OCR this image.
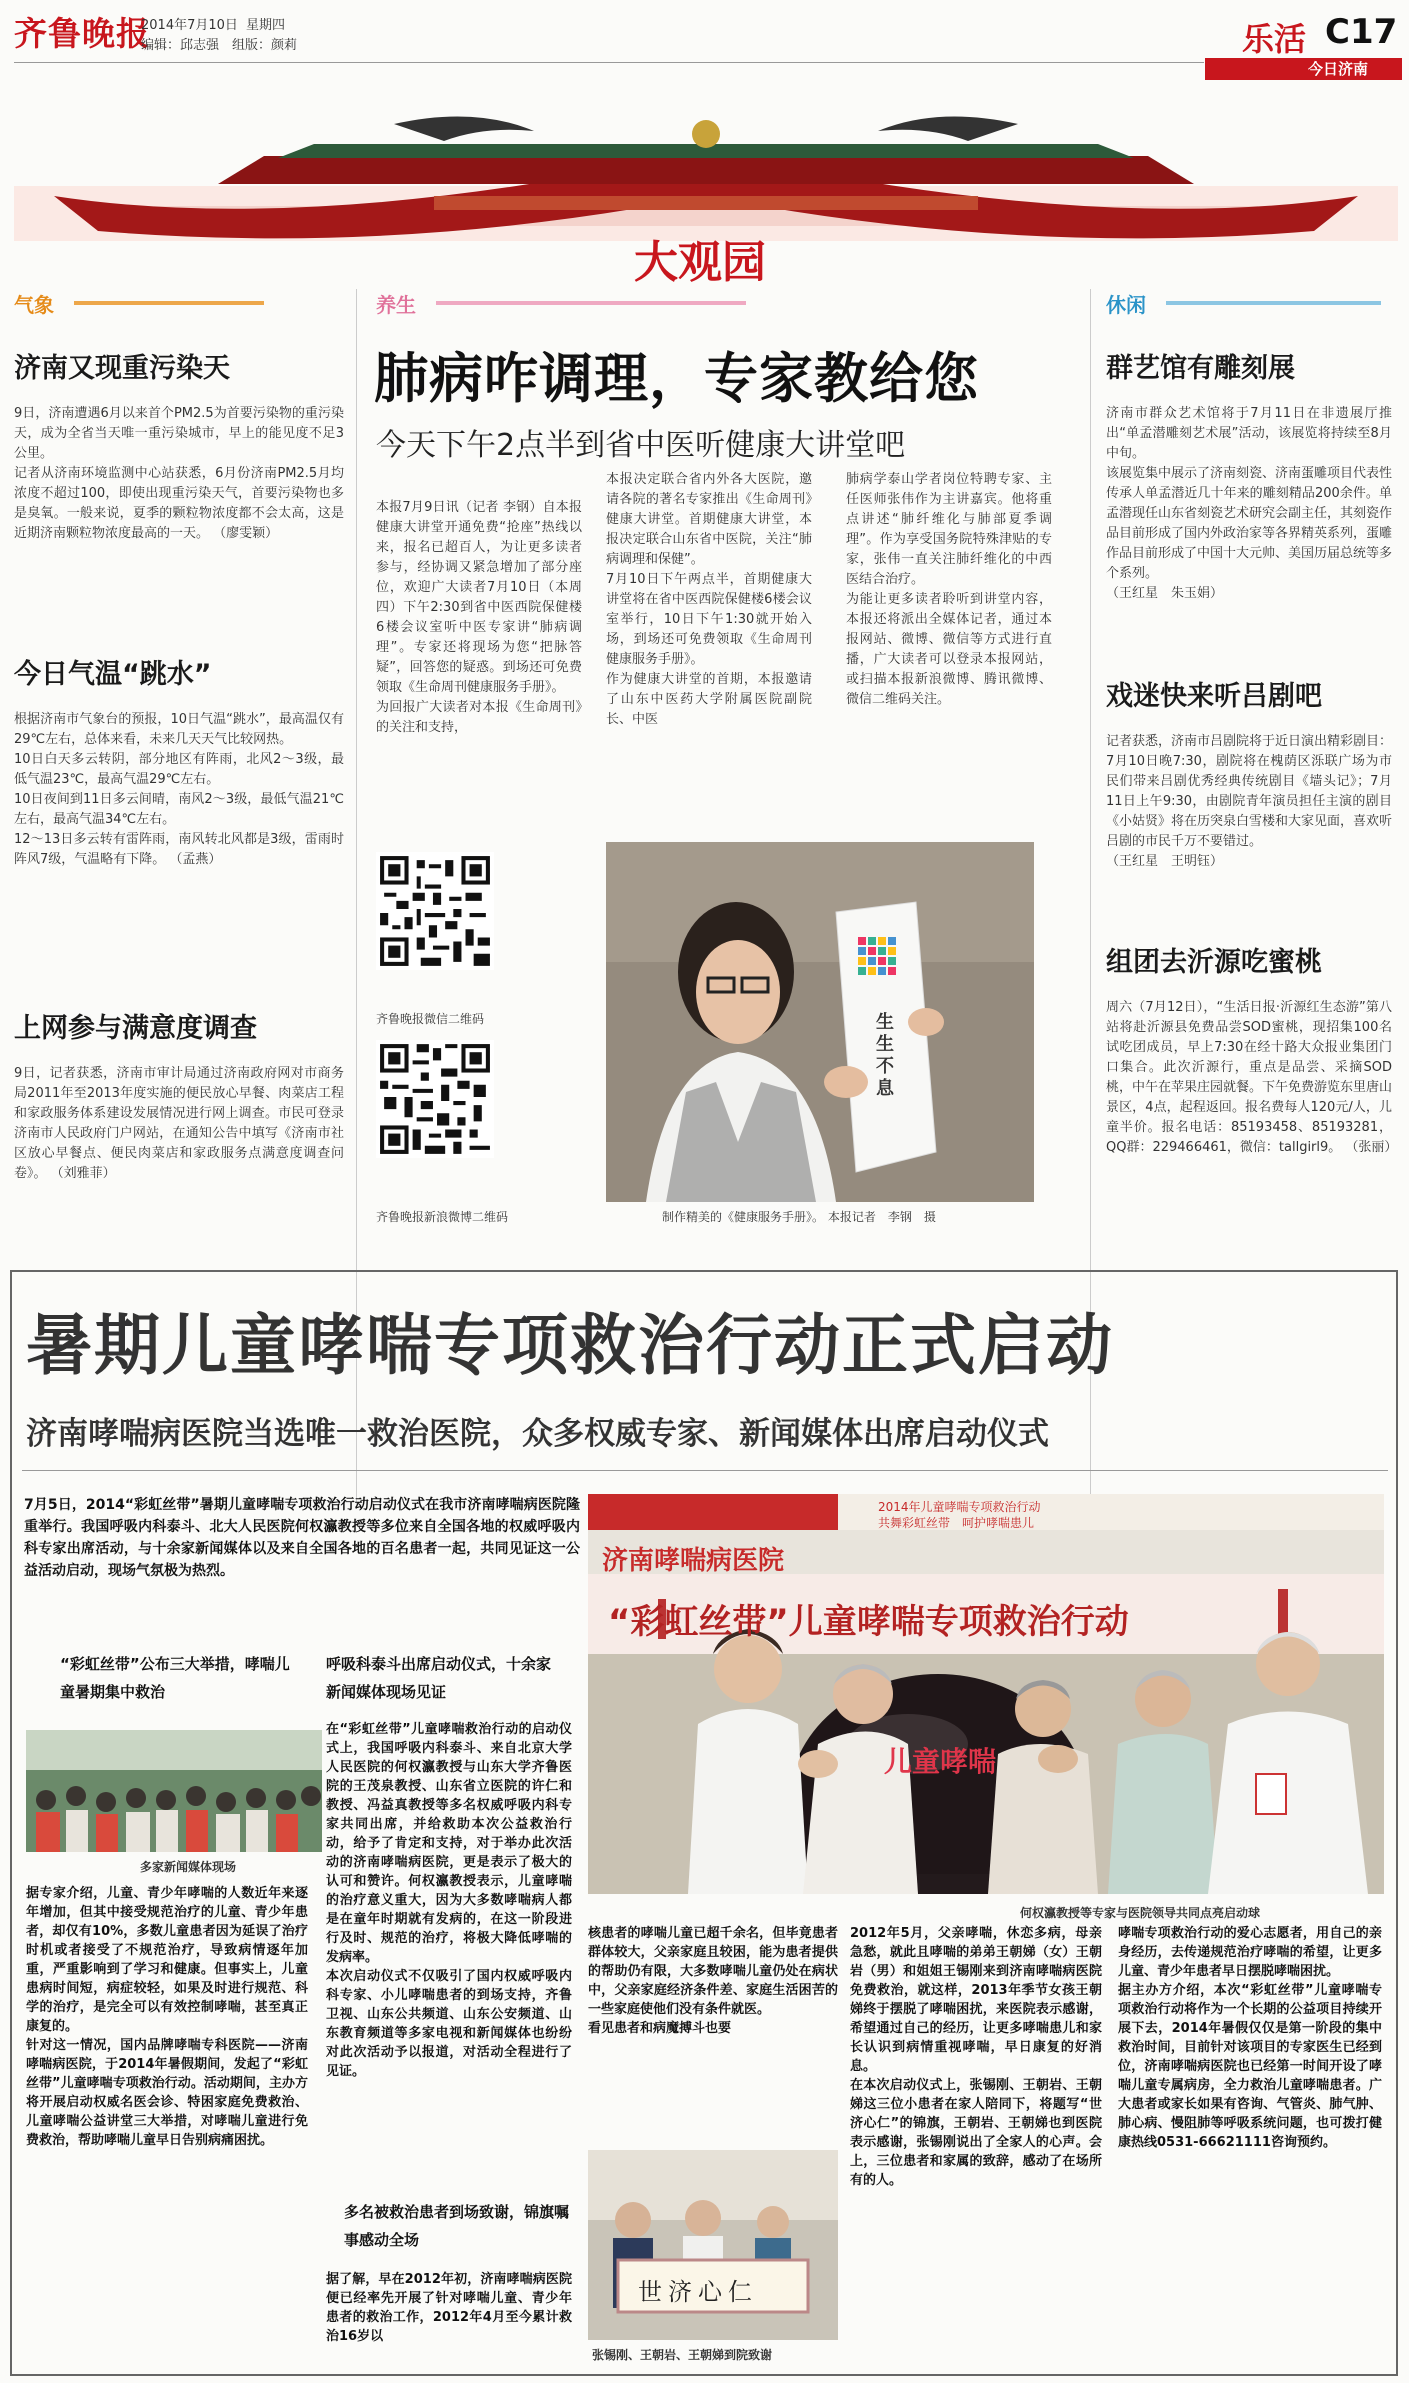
齐鲁晚报
2014年7月10日 星期四
编辑：邱志强 组版：颜莉	乐活 C17
今日济南
大观园
气象	养生	休闲
济南又现重污染天
9日，济南遭遇6月以来首个PM2.5为首要污染物的重污染天，成为全省当天唯一重污染城市，早上的能见度不足3公里。
记者从济南环境监测中心站获悉，6月份济南PM2.5月均浓度不超过100，即使出现重污染天气，首要污染物也多是臭氧。一般来说，夏季的颗粒物浓度都不会太高，这是近期济南颗粒物浓度最高的一天。 （廖雯颖）
今日气温“跳水”
根据济南市气象台的预报，10日气温“跳水”，最高温仅有29℃左右，总体来看，未来几天天气比较网热。
10日白天多云转阴，部分地区有阵雨，北风2～3级，最低气温23℃，最高气温29℃左右。
10日夜间到11日多云间晴，南风2～3级，最低气温21℃左右，最高气温34℃左右。
12～13日多云转有雷阵雨，南风转北风都是3级，雷雨时阵风7级，气温略有下降。 （孟燕）
上网参与满意度调查
9日，记者获悉，济南市审计局通过济南政府网对市商务局2011年至2013年度实施的便民放心早餐、肉菜店工程和家政服务体系建设发展情况进行网上调查。市民可登录济南市人民政府门户网站，在通知公告中填写《济南市社区放心早餐点、便民肉菜店和家政服务点满意度调查问卷》。 （刘雅菲）
肺病咋调理，专家教给您
今天下午2点半到省中医听健康大讲堂吧
本报7月9日讯（记者 李钢）自本报健康大讲堂开通免费“抢座”热线以来，报名已超百人，为让更多读者参与，经协调又紧急增加了部分座位，欢迎广大读者7月10日（本周四）下午2:30到省中医西院保健楼6楼会议室听中医专家讲“肺病调理”。专家还将现场为您“把脉答疑”，回答您的疑惑。到场还可免费领取《生命周刊健康服务手册》。
为回报广大读者对本报《生命周刊》的关注和支持，
本报决定联合省内外各大医院，邀请各院的著名专家推出《生命周刊》健康大讲堂。首期健康大讲堂，本报决定联合山东省中医院，关注“肺病调理和保健”。
7月10日下午两点半，首期健康大讲堂将在省中医西院保健楼6楼会议室举行，10日下午1:30就开始入场，到场还可免费领取《生命周刊健康服务手册》。
作为健康大讲堂的首期，本报邀请了山东中医药大学附属医院副院长、中医
肺病学泰山学者岗位特聘专家、主任医师张伟作为主讲嘉宾。他将重点讲述“肺纤维化与肺部夏季调理”。作为享受国务院特殊津贴的专家，张伟一直关注肺纤维化的中西医结合治疗。
为能让更多读者聆听到讲堂内容，本报还将派出全媒体记者，通过本报网站、微博、微信等方式进行直播，广大读者可以登录本报网站，或扫描本报新浪微博、腾讯微博、微信二维码关注。
齐鲁晚报微信二维码
齐鲁晚报新浪微博二维码
生生不息
制作精美的《健康服务手册》。 本报记者　李钢　摄
群艺馆有雕刻展
济南市群众艺术馆将于7月11日在非遗展厅推出“单孟潜雕刻艺术展”活动，该展览将持续至8月中旬。
该展览集中展示了济南刻瓷、济南蛋雕项目代表性传承人单孟潜近几十年来的雕刻精品200余件。单孟潜现任山东省刻瓷艺术研究会副主任，其刻瓷作品目前形成了国内外政治家等各界精英系列，蛋雕作品目前形成了中国十大元帅、美国历届总统等多个系列。
（王红星　朱玉娟）
戏迷快来听吕剧吧
记者获悉，济南市吕剧院将于近日演出精彩剧目：7月10日晚7:30，剧院将在槐荫区泺联广场为市民们带来吕剧优秀经典传统剧目《墙头记》；7月11日上午9:30，由剧院青年演员担任主演的剧目《小姑贤》将在历突泉白雪楼和大家见面，喜欢听吕剧的市民千万不要错过。
（王红星　王明钰）
组团去沂源吃蜜桃
周六（7月12日），“生活日报·沂源红生态游”第八站将赴沂源县免费品尝SOD蜜桃，现招集100名试吃团成员，早上7:30在经十路大众报业集团门口集合。此次沂源行，重点是品尝、采摘SOD桃，中午在苹果庄园就餐。下午免费游览东里唐山景区，4点，起程返回。报名费每人120元/人，儿童半价。报名电话：85193458、85193281，QQ群：229466461，微信：tallgirl9。 （张丽）
暑期儿童哮喘专项救治行动正式启动
济南哮喘病医院当选唯一救治医院，众多权威专家、新闻媒体出席启动仪式
7月5日，2014“彩虹丝带”暑期儿童哮喘专项救治行动启动仪式在我市济南哮喘病医院隆重举行。我国呼吸内科泰斗、北大人民医院何权瀛教授等多位来自全国各地的权威呼吸内科专家出席活动，与十余家新闻媒体以及来自全国各地的百名患者一起，共同见证这一公益活动启动，现场气氛极为热烈。
“彩虹丝带”公布三大举措，哮喘儿童暑期集中救治
多家新闻媒体现场
据专家介绍，儿童、青少年哮喘的人数近年来逐年增加，但其中接受规范治疗的儿童、青少年患者，却仅有10%，多数儿童患者因为延误了治疗时机或者接受了不规范治疗，导致病情逐年加重，严重影响到了学习和健康。但事实上，儿童患病时间短，病症较轻，如果及时进行规范、科学的治疗，是完全可以有效控制哮喘，甚至真正康复的。
针对这一情况，国内品牌哮喘专科医院——济南哮喘病医院，于2014年暑假期间，发起了“彩虹丝带”儿童哮喘专项救治行动。活动期间，主办方将开展启动权威名医会诊、特困家庭免费救治、儿童哮喘公益讲堂三大举措，对哮喘儿童进行免费救治，帮助哮喘儿童早日告别病痛困扰。
呼吸科泰斗出席启动仪式，十余家新闻媒体现场见证
在“彩虹丝带”儿童哮喘救治行动的启动仪式上，我国呼吸内科泰斗、来自北京大学人民医院的何权瀛教授与山东大学齐鲁医院的王茂泉教授、山东省立医院的许仁和教授、冯益真教授等多名权威呼吸内科专家共同出席，并给救助本次公益救治行动，给予了肯定和支持，对于举办此次活动的济南哮喘病医院，更是表示了极大的认可和赞许。何权瀛教授表示，儿童哮喘的治疗意义重大，因为大多数哮喘病人都是在童年时期就有发病的，在这一阶段进行及时、规范的治疗，将极大降低哮喘的发病率。
本次启动仪式不仅吸引了国内权威呼吸内科专家、小儿哮喘患者的到场支持，齐鲁卫视、山东公共频道、山东公安频道、山东教育频道等多家电视和新闻媒体也纷纷对此次活动予以报道，对活动全程进行了见证。
多名被救治患者到场致谢，锦旗嘱事感动全场
据了解，早在2012年初，济南哮喘病医院便已经率先开展了针对哮喘儿童、青少年患者的救治工作，2012年4月至今累计救治16岁以
2014年儿童哮喘专项救治行动
共舞彩虹丝带　呵护哮喘患儿
济南哮喘病医院
“彩虹丝带”儿童哮喘专项救治行动
儿童哮喘
何权瀛教授等专家与医院领导共同点亮启动球
核患者的哮喘儿童已超千余名，但毕竟患者群体较大，父亲家庭且较困，能为患者提供的帮助仍有限，大多数哮喘儿童仍处在病状中，父亲家庭经济条件差、家庭生活困苦的一些家庭使他们没有条件就医。
看见患者和病魔搏斗也要
世济心仁
张锡刚、王朝岩、王朝娣到院致谢
2012年5月，父亲哮喘，休恋多病，母亲急愁，就此且哮喘的弟弟王朝娣（女）王朝岩（男）和姐姐王锡刚来到济南哮喘病医院免费救治，就这样，2013年季节女孩王朝娣终于摆脱了哮喘困扰，来医院表示感谢，希望通过自己的经历，让更多哮喘患儿和家长认识到病情重视哮喘，早日康复的好消息。
在本次启动仪式上，张锡刚、王朝岩、王朝娣这三位小患者在家人陪同下，将题写“世济心仁”的锦旗，王朝岩、王朝娣也到医院表示感谢，张锡刚说出了全家人的心声。会上，三位患者和家属的致辞，感动了在场所有的人。
哮喘专项救治行动的爱心志愿者，用自己的亲身经历，去传递规范治疗哮喘的希望，让更多儿童、青少年患者早日摆脱哮喘困扰。
据主办方介绍，本次“彩虹丝带”儿童哮喘专项救治行动将作为一个长期的公益项目持续开展下去，2014年暑假仅仅是第一阶段的集中救治时间，目前针对该项目的专家医生已经到位，济南哮喘病医院也已经第一时间开设了哮喘儿童专属病房，全力救治儿童哮喘患者。广大患者或家长如果有咨询、气管炎、肺气肿、肺心病、慢阻肺等呼吸系统问题，也可拨打健康热线0531-66621111咨询预约。
